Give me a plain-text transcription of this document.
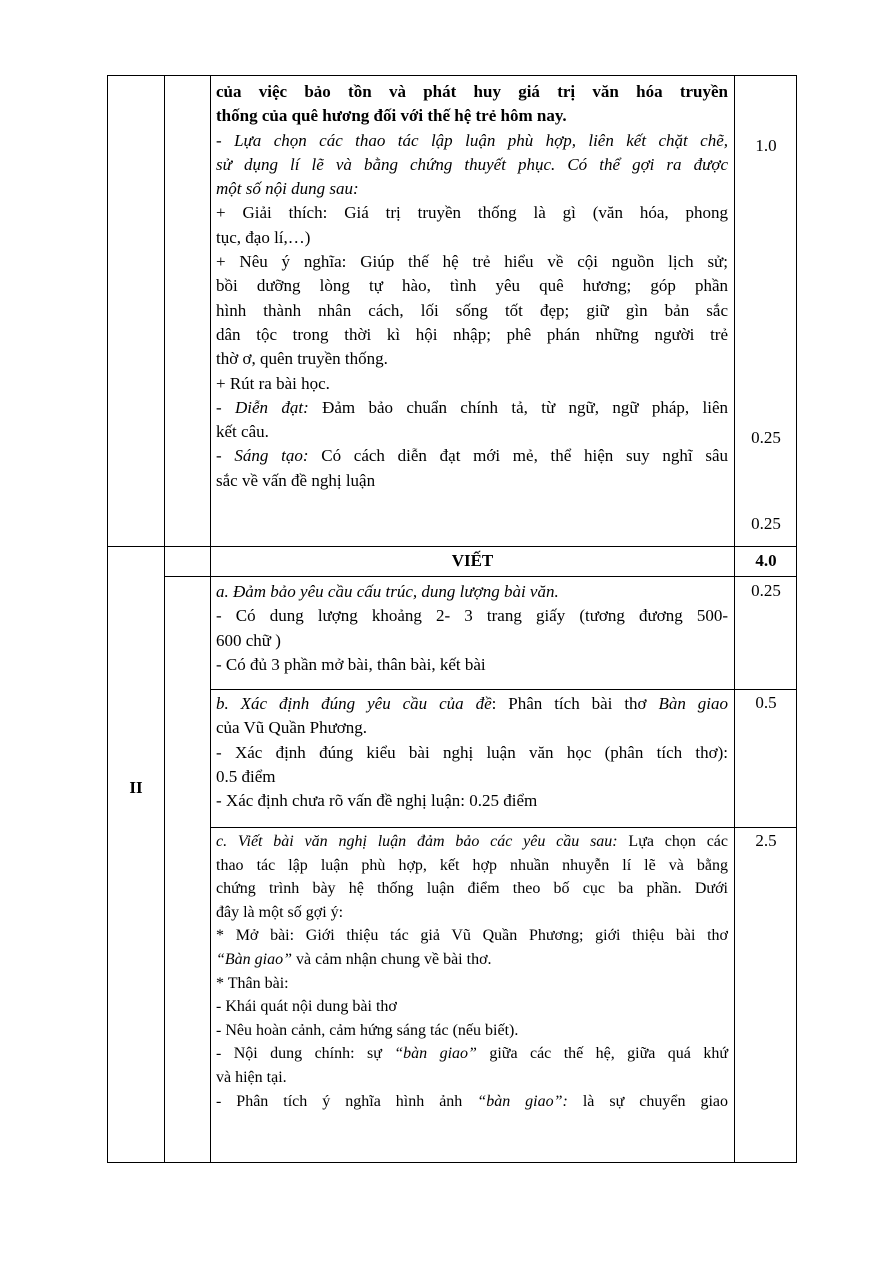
của việc bảo tồn và phát huy giá trị văn hóa truyền
thống của quê hương đối với thế hệ trẻ hôm nay.
- Lựa chọn các thao tác lập luận phù hợp, liên kết chặt chẽ,
sử dụng lí lẽ và bằng chứng thuyết phục. Có thể gợi ra được
một số nội dung sau:
+ Giải thích: Giá trị truyền thống là gì (văn hóa, phong
tục, đạo lí,…)
+ Nêu ý nghĩa: Giúp thế hệ trẻ hiểu về cội nguồn lịch sử;
bồi dưỡng lòng tự hào, tình yêu quê hương; góp phần
hình thành nhân cách, lối sống tốt đẹp; giữ gìn bản sắc
dân tộc trong thời kì hội nhập; phê phán những người trẻ
thờ ơ, quên truyền thống.
+ Rút ra bài học.
- Diễn đạt: Đảm bảo chuẩn chính tả, từ ngữ, ngữ pháp, liên
kết câu.
- Sáng tạo: Có cách diễn đạt mới mẻ, thể hiện suy nghĩ sâu
sắc về vấn đề nghị luận
1.0
0.25
0.25
II
VIẾT	4.0
a. Đảm bảo yêu cầu cấu trúc, dung lượng bài văn.
- Có dung lượng khoảng 2- 3 trang giấy (tương đương 500-
600 chữ )
- Có đủ 3 phần mở bài, thân bài, kết bài
0.25
b. Xác định đúng yêu cầu của đề: Phân tích bài thơ Bàn giao
của Vũ Quần Phương.
- Xác định đúng kiểu bài nghị luận văn học (phân tích thơ):
0.5 điểm
- Xác định chưa rõ vấn đề nghị luận: 0.25 điểm
0.5
c. Viết bài văn nghị luận đảm bảo các yêu cầu sau: Lựa chọn các
thao tác lập luận phù hợp, kết hợp nhuần nhuyễn lí lẽ và bằng
chứng trình bày hệ thống luận điểm theo bố cục ba phần. Dưới
đây là một số gợi ý:
* Mở bài: Giới thiệu tác giả Vũ Quần Phương; giới thiệu bài thơ
“Bàn giao” và cảm nhận chung về bài thơ.
* Thân bài:
- Khái quát nội dung bài thơ
- Nêu hoàn cảnh, cảm hứng sáng tác (nếu biết).
- Nội dung chính: sự “bàn giao” giữa các thế hệ, giữa quá khứ
và hiện tại.
- Phân tích ý nghĩa hình ảnh “bàn giao”: là sự chuyển giao
2.5
